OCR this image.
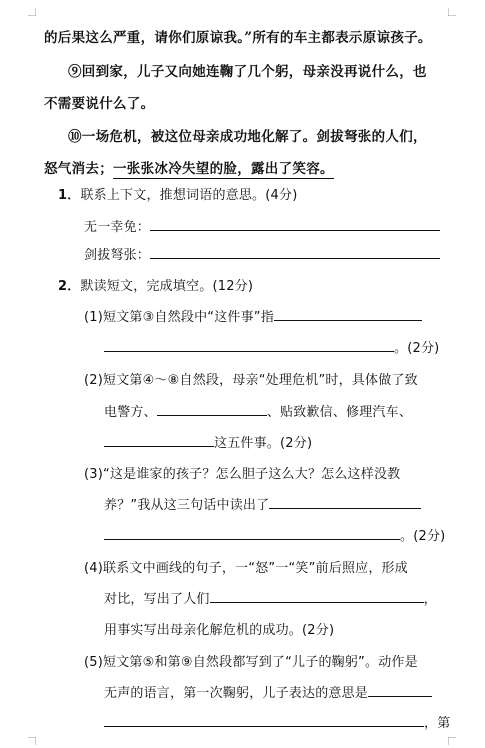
的后果这么严重，请你们原谅我。”所有的车主都表示原谅孩子。
⑨回到家，儿子又向她连鞠了几个躬，母亲没再说什么，也
不需要说什么了。
⑩一场危机，被这位母亲成功地化解了。剑拔弩张的人们，
怒气消去；一张张冰冷失望的脸，露出了笑容。
1．联系上下文，推想词语的意思。(4分)
无一幸免：
剑拔弩张：
2．默读短文，完成填空。(12分)
(1)短文第③自然段中“这件事”指
。(2分)
(2)短文第④～⑧自然段，母亲“处理危机”时，具体做了致
电警方、	、贴致歉信、修理汽车、
这五件事。(2分)
(3)“这是谁家的孩子？怎么胆子这么大？怎么这样没教
养？”我从这三句话中读出了
。(2分)
(4)联系文中画线的句子，一“怒”一“笑”前后照应，形成
对比，写出了人们	，
用事实写出母亲化解危机的成功。(2分)
(5)短文第⑤和第⑨自然段都写到了“儿子的鞠躬”。动作是
无声的语言，第一次鞠躬，儿子表达的意思是
，第
